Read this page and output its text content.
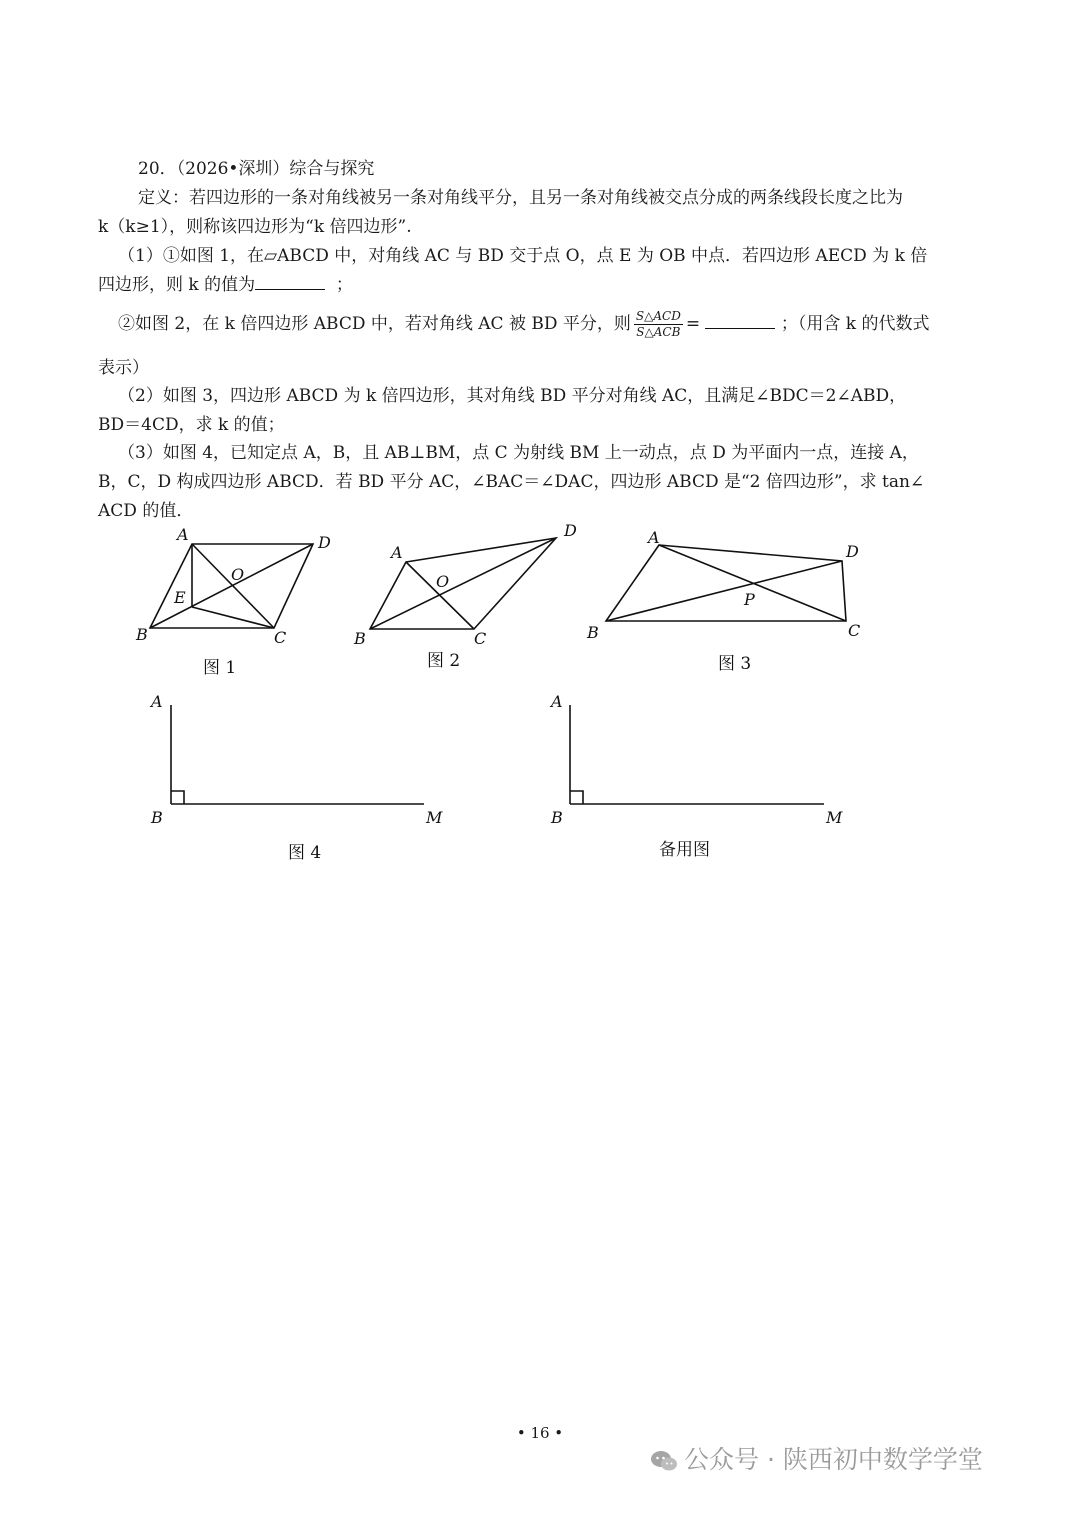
20．（2026•深圳）综合与探究
定义：若四边形的一条对角线被另一条对角线平分，且另一条对角线被交点分成的两条线段长度之比为
k（k≥1），则称该四边形为“k 倍四边形”.
（1）①如图 1，在▱ABCD 中，对角线 AC 与 BD 交于点 O，点 E 为 OB 中点．若四边形 AECD 为 k 倍
四边形，则 k 的值为	；
②如图 2，在 k 倍四边形 ABCD 中，若对角线 AC 被 BD 平分，则 $\frac{\text{S△ACD}}{\text{S△ACB}}$ =	；（用含 k 的代数式
表示）
（2）如图 3，四边形 ABCD 为 k 倍四边形，其对角线 BD 平分对角线 AC，且满足∠BDC＝2∠ABD，
BD＝4CD，求 k 的值；
（3）如图 4，已知定点 A，B，且 AB⊥BM，点 C 为射线 BM 上一动点，点 D 为平面内一点，连接 A，
B，C，D 构成四边形 ABCD．若 BD 平分 AC，∠BAC＝∠DAC，四边形 ABCD 是“2 倍四边形”，求 tan∠
ACD 的值．
A	D
O
E
B	C
图 1
A
D
O
B	C
图 2
A
D
P
B	C
图 3
A
B	M
图 4
A
B	M
备用图
• 16 •
公众号 · 陕西初中数学学堂
